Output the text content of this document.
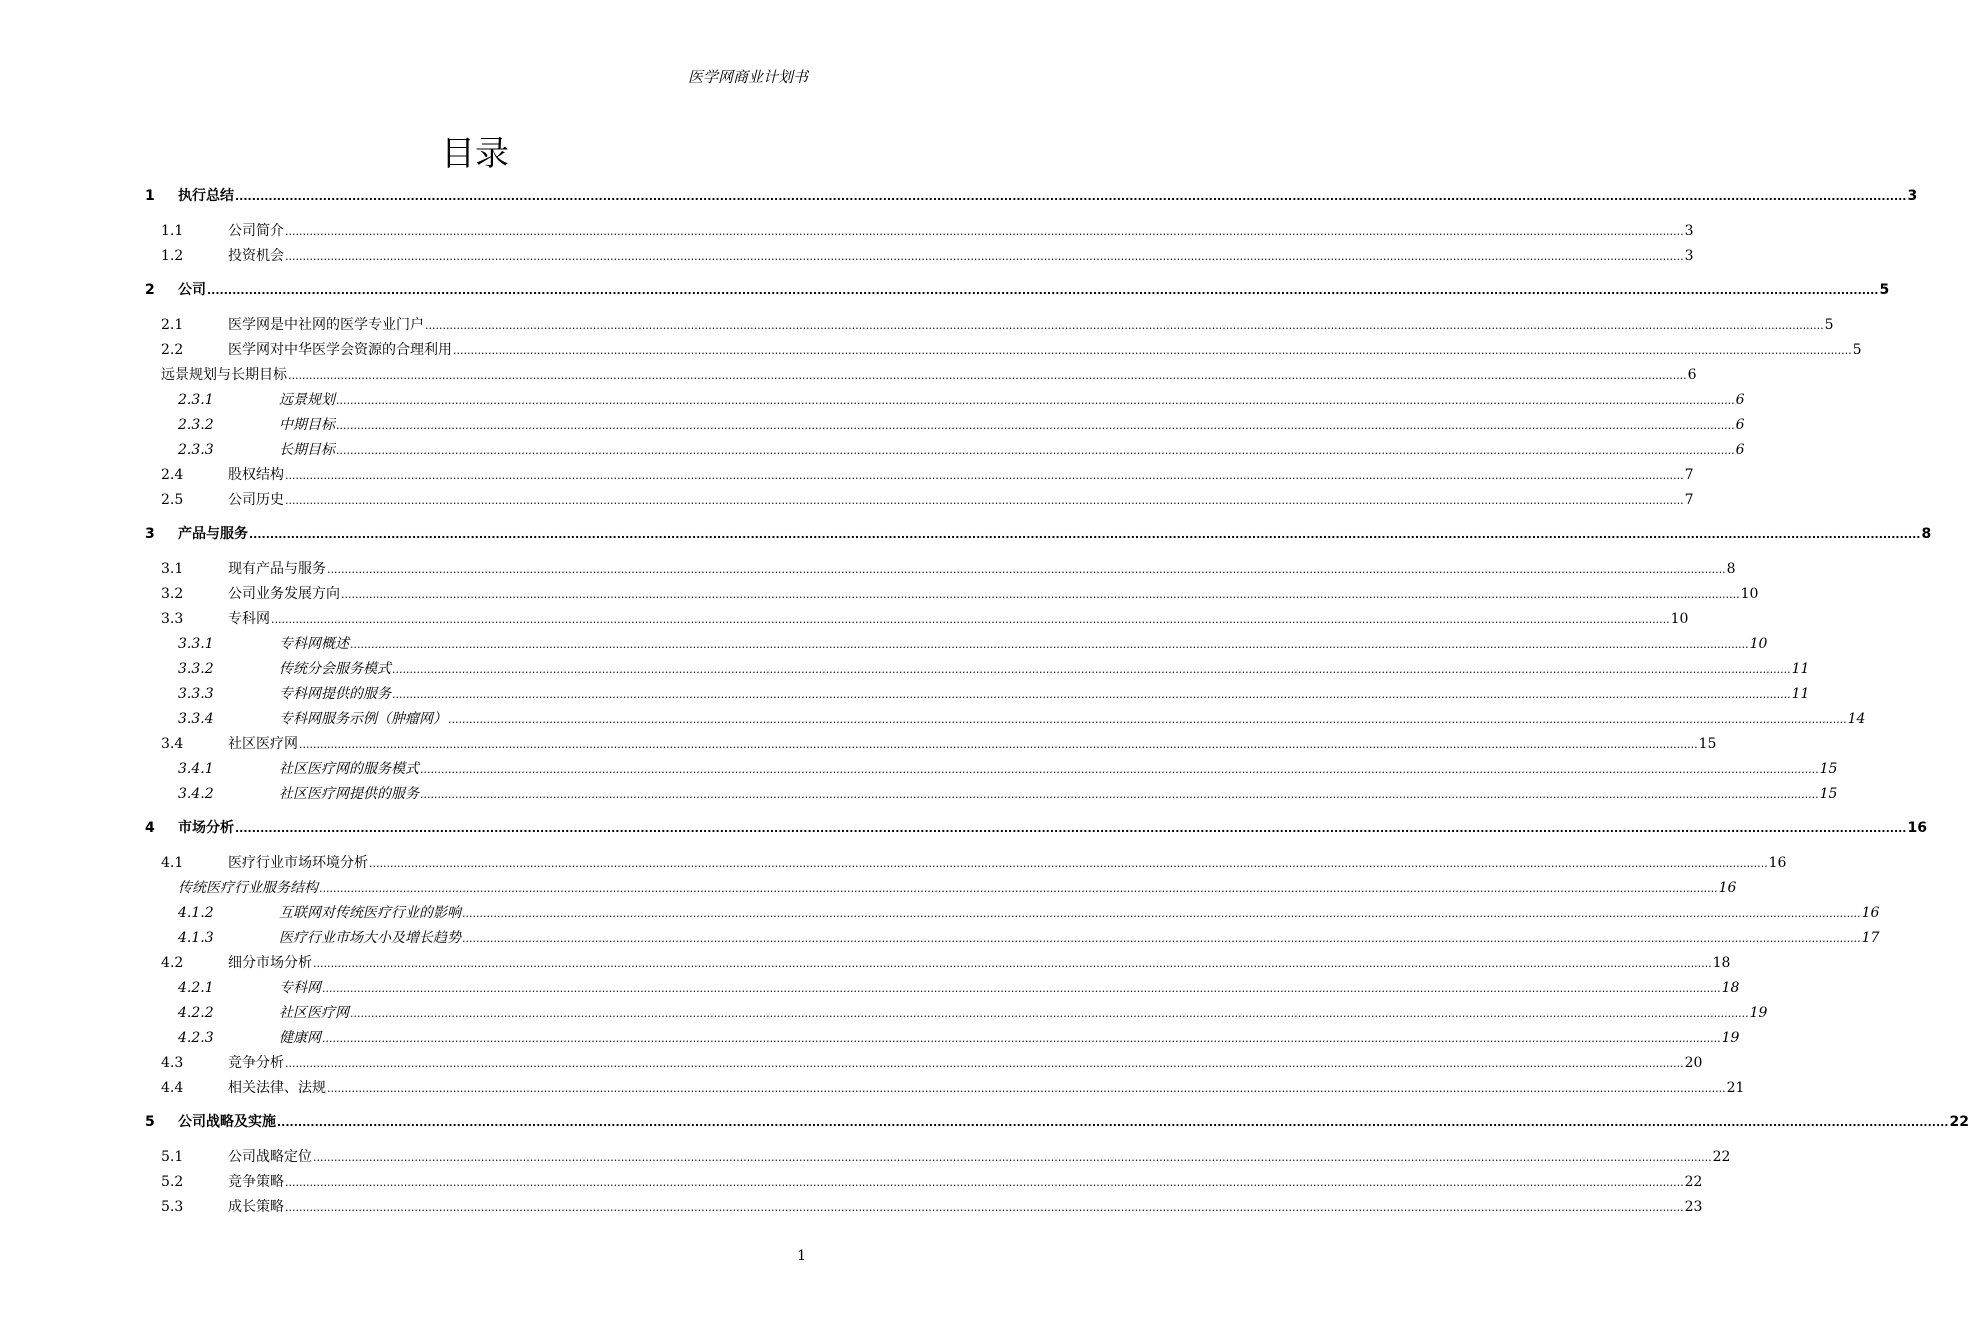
医学网商业计划书
目录
1	执行总结 ................................................................................................................................................................................................................................................................................................................................................................................................................ 3
1.1	公司简介 ................................................................................................................................................................................................................................................................................................................................................................................................................ 3
1.2	投资机会 ................................................................................................................................................................................................................................................................................................................................................................................................................ 3
2	公司 ................................................................................................................................................................................................................................................................................................................................................................................................................ 5
2.1	医学网是中社网的医学专业门户 ................................................................................................................................................................................................................................................................................................................................................................................................................ 5
2.2	医学网对中华医学会资源的合理利用 ................................................................................................................................................................................................................................................................................................................................................................................................................ 5
远景规划与长期目标 ................................................................................................................................................................................................................................................................................................................................................................................................................ 6
2.3.1	远景规划 ................................................................................................................................................................................................................................................................................................................................................................................................................ 6
2.3.2	中期目标 ................................................................................................................................................................................................................................................................................................................................................................................................................ 6
2.3.3	长期目标 ................................................................................................................................................................................................................................................................................................................................................................................................................ 6
2.4	股权结构 ................................................................................................................................................................................................................................................................................................................................................................................................................ 7
2.5	公司历史 ................................................................................................................................................................................................................................................................................................................................................................................................................ 7
3	产品与服务 ................................................................................................................................................................................................................................................................................................................................................................................................................ 8
3.1	现有产品与服务 ................................................................................................................................................................................................................................................................................................................................................................................................................ 8
3.2	公司业务发展方向 ................................................................................................................................................................................................................................................................................................................................................................................................................ 10
3.3	专科网 ................................................................................................................................................................................................................................................................................................................................................................................................................ 10
3.3.1	专科网概述 ................................................................................................................................................................................................................................................................................................................................................................................................................ 10
3.3.2	传统分会服务模式 ................................................................................................................................................................................................................................................................................................................................................................................................................ 11
3.3.3	专科网提供的服务 ................................................................................................................................................................................................................................................................................................................................................................................................................ 11
3.3.4	专科网服务示例（肿瘤网） ................................................................................................................................................................................................................................................................................................................................................................................................................ 14
3.4	社区医疗网 ................................................................................................................................................................................................................................................................................................................................................................................................................ 15
3.4.1	社区医疗网的服务模式 ................................................................................................................................................................................................................................................................................................................................................................................................................ 15
3.4.2	社区医疗网提供的服务 ................................................................................................................................................................................................................................................................................................................................................................................................................ 15
4	市场分析 ................................................................................................................................................................................................................................................................................................................................................................................................................ 16
4.1	医疗行业市场环境分析 ................................................................................................................................................................................................................................................................................................................................................................................................................ 16
传统医疗行业服务结构 ................................................................................................................................................................................................................................................................................................................................................................................................................ 16
4.1.2	互联网对传统医疗行业的影响 ................................................................................................................................................................................................................................................................................................................................................................................................................ 16
4.1.3	医疗行业市场大小及增长趋势 ................................................................................................................................................................................................................................................................................................................................................................................................................ 17
4.2	细分市场分析 ................................................................................................................................................................................................................................................................................................................................................................................................................ 18
4.2.1	专科网 ................................................................................................................................................................................................................................................................................................................................................................................................................ 18
4.2.2	社区医疗网 ................................................................................................................................................................................................................................................................................................................................................................................................................ 19
4.2.3	健康网 ................................................................................................................................................................................................................................................................................................................................................................................................................ 19
4.3	竞争分析 ................................................................................................................................................................................................................................................................................................................................................................................................................ 20
4.4	相关法律、法规 ................................................................................................................................................................................................................................................................................................................................................................................................................ 21
5	公司战略及实施 ................................................................................................................................................................................................................................................................................................................................................................................................................ 22
5.1	公司战略定位 ................................................................................................................................................................................................................................................................................................................................................................................................................ 22
5.2	竞争策略 ................................................................................................................................................................................................................................................................................................................................................................................................................ 22
5.3	成长策略 ................................................................................................................................................................................................................................................................................................................................................................................................................ 23
1
